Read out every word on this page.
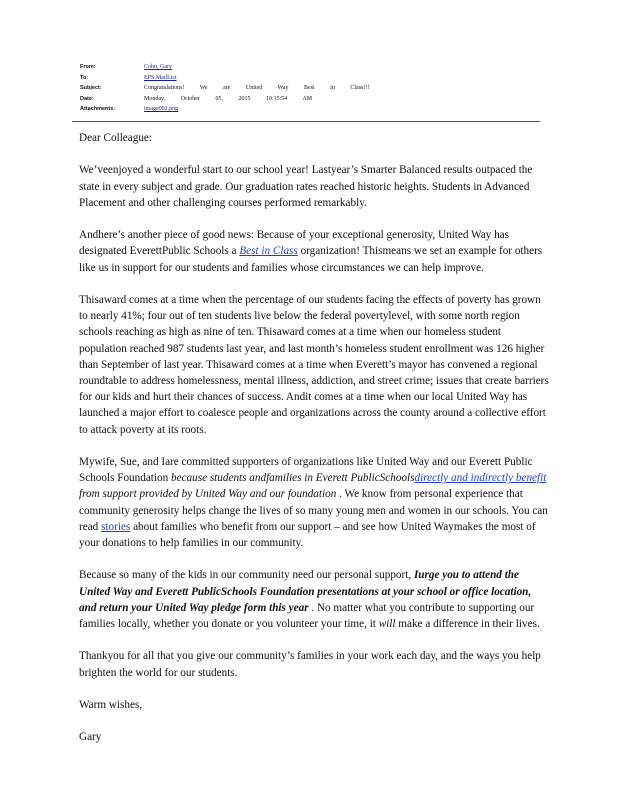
From:	Cohn, Gary
To:	EPS MailList
Subject:	Congratulations!	We	are	United	Way	Best	in	Class!!!
Date:	Monday,	October	05,	2015	10:15:54	AM
Attachments:	image002.png

Dear Colleague:

We’veenjoyed a wonderful start to our school year! Lastyear’s Smarter Balanced results outpaced the state in every subject and grade. Our graduation rates reached historic heights. Students in Advanced Placement and other challenging courses performed remarkably.

Andhere’s another piece of good news: Because of your exceptional generosity, United Way has designated EverettPublic Schools a Best in Class organization! Thismeans we set an example for others like us in support for our students and families whose circumstances we can help improve.

Thisaward comes at a time when the percentage of our students facing the effects of poverty has grown to nearly 41%; four out of ten students live below the federal povertylevel, with some north region schools reaching as high as nine of ten. Thisaward comes at a time when our homeless student population reached 987 students last year, and last month’s homeless student enrollment was 126 higher than September of last year. Thisaward comes at a time when Everett’s mayor has convened a regional roundtable to address homelessness, mental illness, addiction, and street crime; issues that create barriers for our kids and hurt their chances of success. Andit comes at a time when our local United Way has launched a major effort to coalesce people and organizations across the county around a collective effort to attack poverty at its roots.

Mywife, Sue, and Iare committed supporters of organizations like United Way and our Everett Public Schools Foundation because students andfamilies in Everett PublicSchoolsdirectly and indirectly benefit from support provided by United Way and our foundation . We know from personal experience that community generosity helps change the lives of so many young men and women in our schools. You can read stories about families who benefit from our support – and see how United Waymakes the most of your donations to help families in our community.

Because so many of the kids in our community need our personal support, Iurge you to attend the United Way and Everett PublicSchools Foundation presentations at your school or office location, and return your United Way pledge form this year . No matter what you contribute to supporting our families locally, whether you donate or you volunteer your time, it will make a difference in their lives.

Thankyou for all that you give our community’s families in your work each day, and the ways you help brighten the world for our students.

Warm wishes,

Gary
